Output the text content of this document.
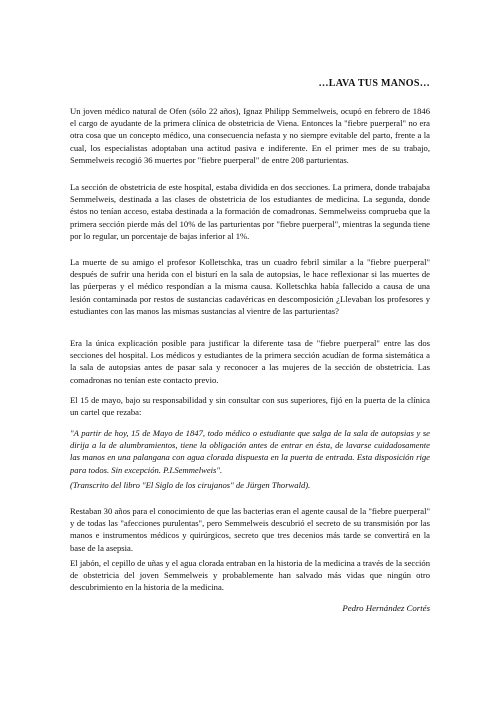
…LAVA TUS MANOS…

Un joven médico natural de Ofen (sólo 22 años), Ignaz Philipp Semmelweis, ocupó en febrero de 1846 el cargo de ayudante de la primera clínica de obstetricia de Viena. Entonces la "fiebre puerperal" no era otra cosa que un concepto médico, una consecuencia nefasta y no siempre evitable del parto, frente a la cual, los especialistas adoptaban una actitud pasiva e indiferente. En el primer mes de su trabajo, Semmelweis recogió 36 muertes por "fiebre puerperal" de entre 208 parturientas.

La sección de obstetricia de este hospital, estaba dividida en dos secciones. La primera, donde trabajaba Semmelweis, destinada a las clases de obstetricia de los estudiantes de medicina. La segunda, donde éstos no tenían acceso, estaba destinada a la formación de comadronas. Semmelweiss comprueba que la primera sección pierde más del 10% de las parturientas por "fiebre puerperal", mientras la segunda tiene por lo regular, un porcentaje de bajas inferior al 1%.

La muerte de su amigo el profesor Kolletschka, tras un cuadro febril similar a la "fiebre puerperal" después de sufrir una herida con el bisturí en la sala de autopsias, le hace reflexionar si las muertes de las púerperas y el médico respondían a la misma causa. Kolletschka había fallecido a causa de una lesión contaminada por restos de sustancias cadavéricas en descomposición ¿Llevaban los profesores y estudiantes con las manos las mismas sustancias al vientre de las parturientas?

Era la única explicación posible para justificar la diferente tasa de "fiebre puerperal" entre las dos secciones del hospital. Los médicos y estudiantes de la primera sección acudían de forma sistemática a la sala de autopsias antes de pasar sala y reconocer a las mujeres de la sección de obstetricia. Las comadronas no tenían este contacto previo.

El 15 de mayo, bajo su responsabilidad y sin consultar con sus superiores, fijó en la puerta de la clínica un cartel que rezaba:

"A partir de hoy, 15 de Mayo de 1847, todo médico o estudiante que salga de la sala de autopsias y se dirija a la de alumbramientos, tiene la obligación antes de entrar en ésta, de lavarse cuidadosamente las manos en una palangana con agua clorada dispuesta en la puerta de entrada. Esta disposición rige para todos. Sin excepción. P.I.Semmelweis".

(Transcrito del libro "El Siglo de los cirujanos" de Jürgen Thorwald).

Restaban 30 años para el conocimiento de que las bacterias eran el agente causal de la "fiebre puerperal" y de todas las "afecciones purulentas", pero Semmelweis descubrió el secreto de su transmisión por las manos e instrumentos médicos y quirúrgicos, secreto que tres decenios más tarde se convertirá en la base de la asepsia.

El jabón, el cepillo de uñas y el agua clorada entraban en la historia de la medicina a través de la sección de obstetricia del joven Semmelweis y probablemente han salvado más vidas que ningún otro descubrimiento en la historia de la medicina.

Pedro Hernández Cortés
